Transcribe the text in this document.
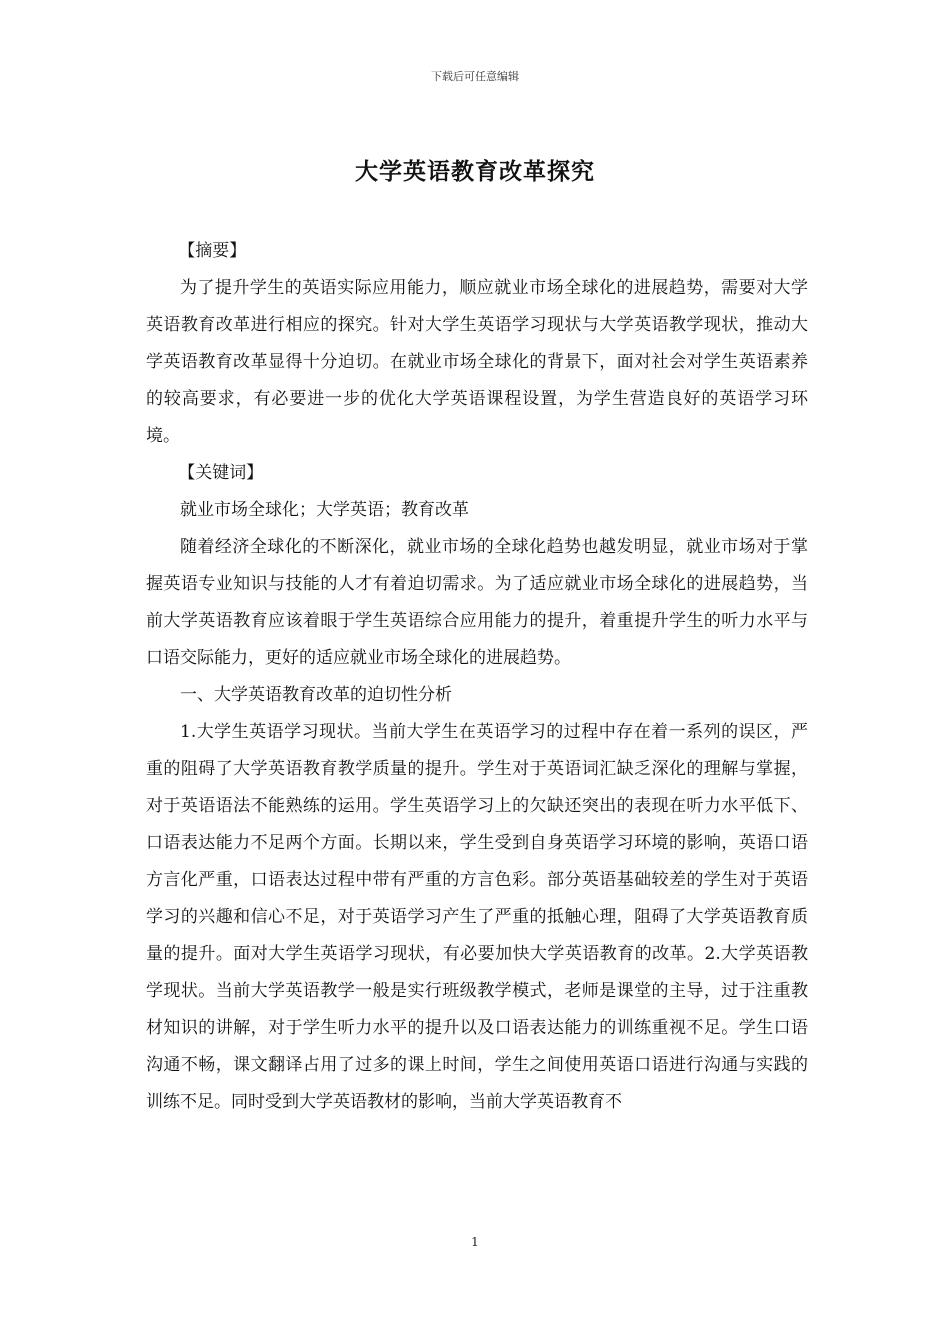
下载后可任意编辑
大学英语教育改革探究

【摘要】

为了提升学生的英语实际应用能力，顺应就业市场全球化的进展趋势，需要对大学英语教育改革进行相应的探究。针对大学生英语学习现状与大学英语教学现状，推动大学英语教育改革显得十分迫切。在就业市场全球化的背景下，面对社会对学生英语素养的较高要求，有必要进一步的优化大学英语课程设置，为学生营造良好的英语学习环境。

【关键词】

就业市场全球化；大学英语；教育改革

随着经济全球化的不断深化，就业市场的全球化趋势也越发明显，就业市场对于掌握英语专业知识与技能的人才有着迫切需求。为了适应就业市场全球化的进展趋势，当前大学英语教育应该着眼于学生英语综合应用能力的提升，着重提升学生的听力水平与口语交际能力，更好的适应就业市场全球化的进展趋势。

一、大学英语教育改革的迫切性分析

1.大学生英语学习现状。当前大学生在英语学习的过程中存在着一系列的误区，严重的阻碍了大学英语教育教学质量的提升。学生对于英语词汇缺乏深化的理解与掌握，对于英语语法不能熟练的运用。学生英语学习上的欠缺还突出的表现在听力水平低下、口语表达能力不足两个方面。长期以来，学生受到自身英语学习环境的影响，英语口语方言化严重，口语表达过程中带有严重的方言色彩。部分英语基础较差的学生对于英语学习的兴趣和信心不足，对于英语学习产生了严重的抵触心理，阻碍了大学英语教育质量的提升。面对大学生英语学习现状，有必要加快大学英语教育的改革。2.大学英语教学现状。当前大学英语教学一般是实行班级教学模式，老师是课堂的主导，过于注重教材知识的讲解，对于学生听力水平的提升以及口语表达能力的训练重视不足。学生口语沟通不畅，课文翻译占用了过多的课上时间，学生之间使用英语口语进行沟通与实践的训练不足。同时受到大学英语教材的影响，当前大学英语教育不

1
